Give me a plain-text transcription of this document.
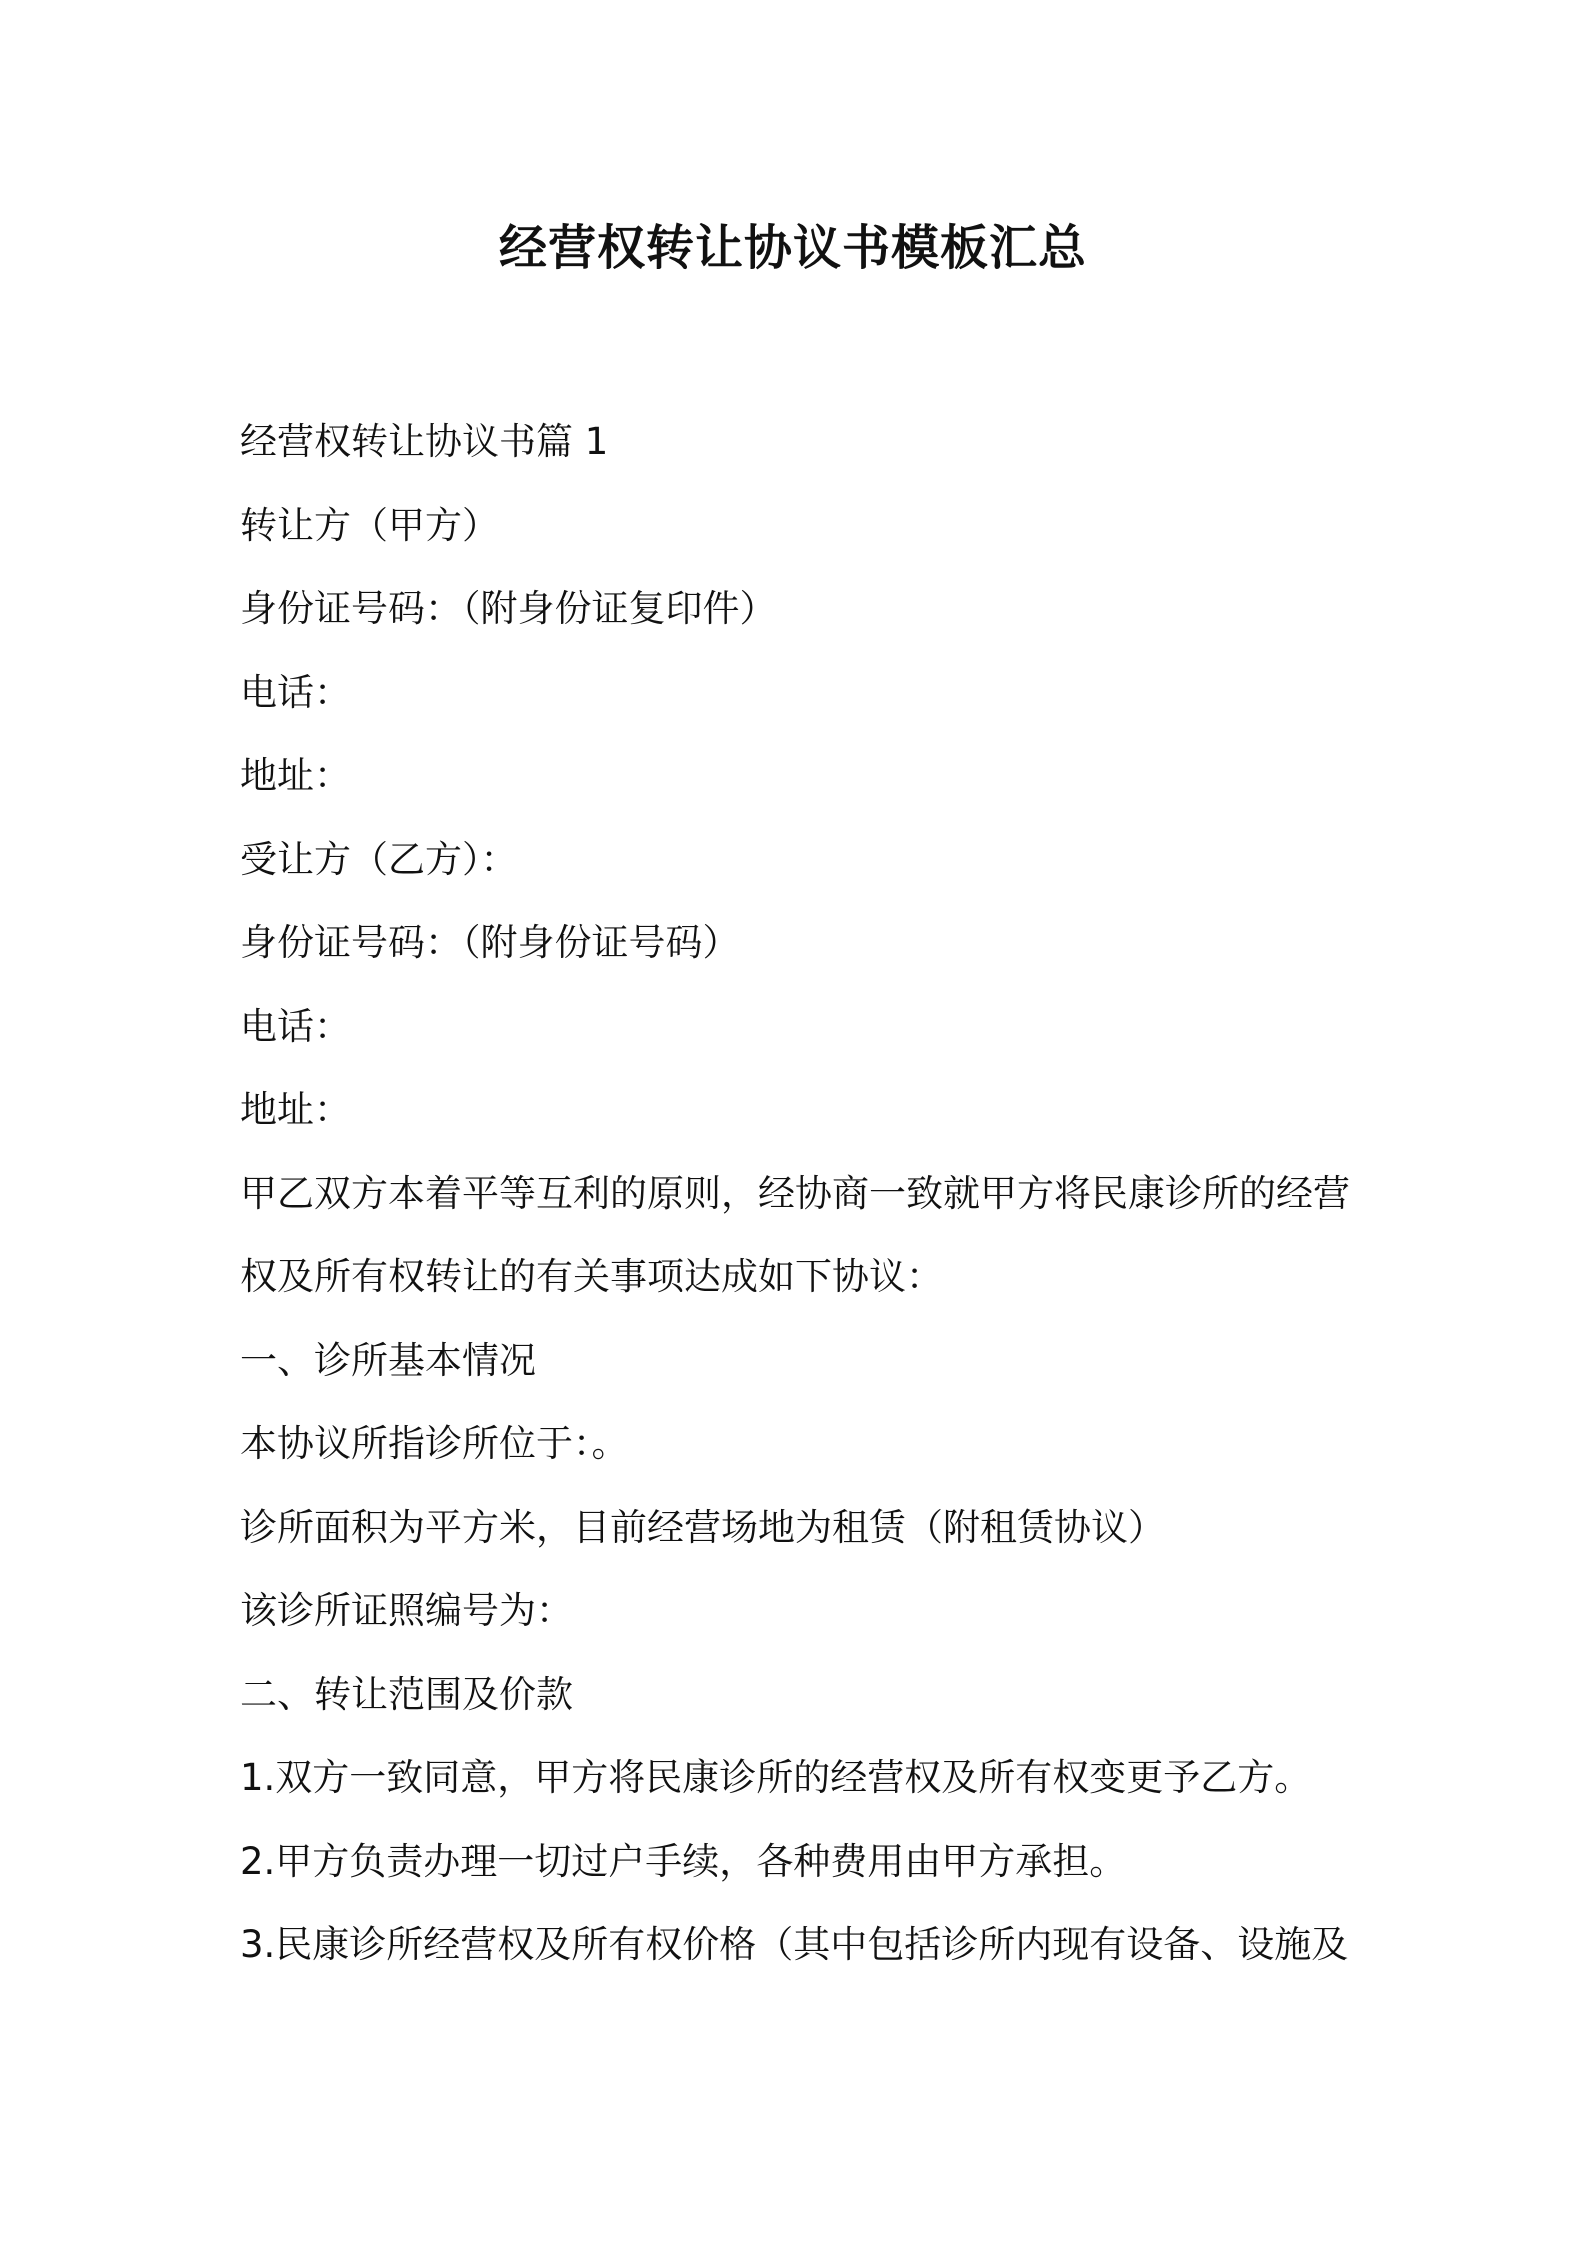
经营权转让协议书模板汇总
经营权转让协议书篇 1
转让方（甲方）
身份证号码：（附身份证复印件）
电话：
地址：
受让方（乙方）：
身份证号码：（附身份证号码）
电话：
地址：
甲乙双方本着平等互利的原则，经协商一致就甲方将民康诊所的经营
权及所有权转让的有关事项达成如下协议：
一、诊所基本情况
本协议所指诊所位于：。
诊所面积为平方米，目前经营场地为租赁（附租赁协议）
该诊所证照编号为：
二、转让范围及价款
1.双方一致同意，甲方将民康诊所的经营权及所有权变更予乙方。
2.甲方负责办理一切过户手续，各种费用由甲方承担。
3.民康诊所经营权及所有权价格（其中包括诊所内现有设备、设施及
